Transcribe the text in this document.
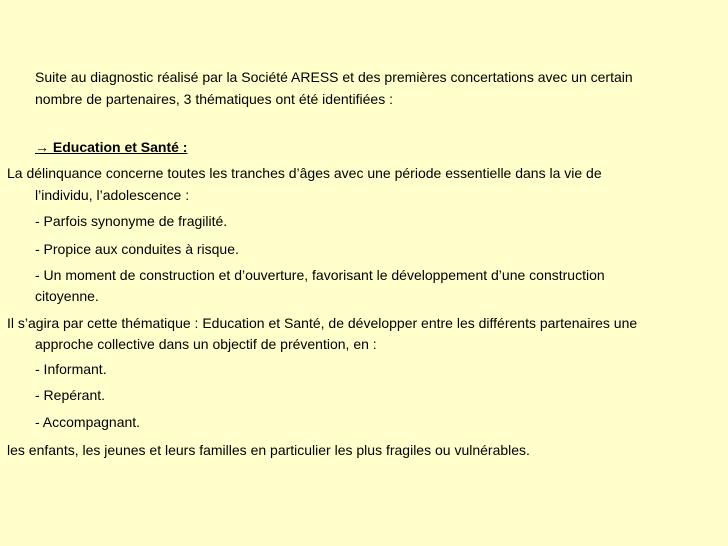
Suite au diagnostic réalisé par la Société ARESS et des premières concertations avec un certain
nombre de partenaires, 3 thématiques ont été identifiées :
→ Education et Santé :
La délinquance concerne toutes les tranches d’âges avec une période essentielle dans la vie de
l’individu, l’adolescence :
- Parfois synonyme de fragilité.
- Propice aux conduites à risque.
- Un moment de construction et d’ouverture, favorisant le développement d’une construction
citoyenne.
Il s’agira par cette thématique : Education et Santé, de développer entre les différents partenaires une
approche collective dans un objectif de prévention, en :
- Informant.
- Repérant.
- Accompagnant.
les enfants, les jeunes et leurs familles en particulier les plus fragiles ou vulnérables.
